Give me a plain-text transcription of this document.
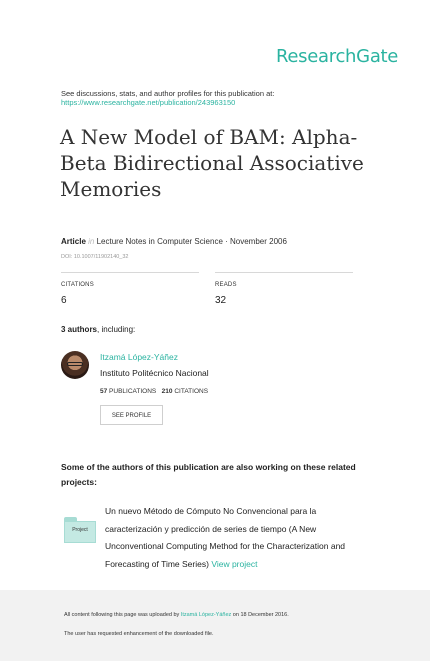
ResearchGate
See discussions, stats, and author profiles for this publication at:
https://www.researchgate.net/publication/243963150
A New Model of BAM: Alpha-Beta Bidirectional Associative Memories
Article in Lecture Notes in Computer Science · November 2006
DOI: 10.1007/11902140_32
CITATIONS
6
READS
32
3 authors, including:
Itzamá López-Yáñez
Instituto Politécnico Nacional
57 PUBLICATIONS 210 CITATIONS
SEE PROFILE
Some of the authors of this publication are also working on these related projects:
Project
Un nuevo Método de Cómputo No Convencional para la caracterización y predicción de series de tiempo (A New Unconventional Computing Method for the Characterization and Forecasting of Time Series) View project
All content following this page was uploaded by Itzamá López-Yáñez on 18 December 2016.
The user has requested enhancement of the downloaded file.
